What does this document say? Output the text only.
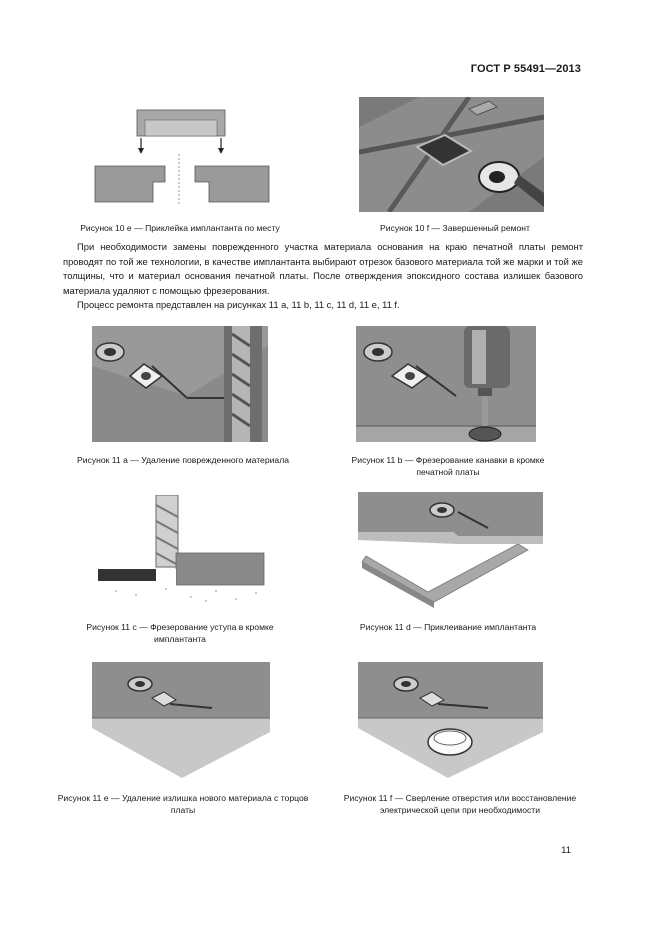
ГОСТ Р 55491—2013
Рисунок 10 e — Приклейка имплантанта по месту	Рисунок 10 f — Завершенный ремонт

При необходимости замены поврежденного участка материала основания на краю печатной платы ремонт проводят по той же технологии, в качестве имплантанта выбирают отрезок базового материала той же марки и той же толщины, что и материал основания печатной платы. После отверждения эпоксидного состава излишек базового материала удаляют с помощью фрезерования.

Процесс ремонта представлен на рисунках 11 a, 11 b, 11 c, 11 d, 11 e, 11 f.

Рисунок 11 a — Удаление поврежденного материала	Рисунок 11 b — Фрезерование канавки в кромке печатной платы
Рисунок 11 c — Фрезерование уступа в кромке имплантанта
Рисунок 11 d — Приклеивание имплантанта
Рисунок 11 e — Удаление излишка нового материала с торцов платы
Рисунок 11 f — Сверление отверстия или восстановление электрической цепи при необходимости
11
